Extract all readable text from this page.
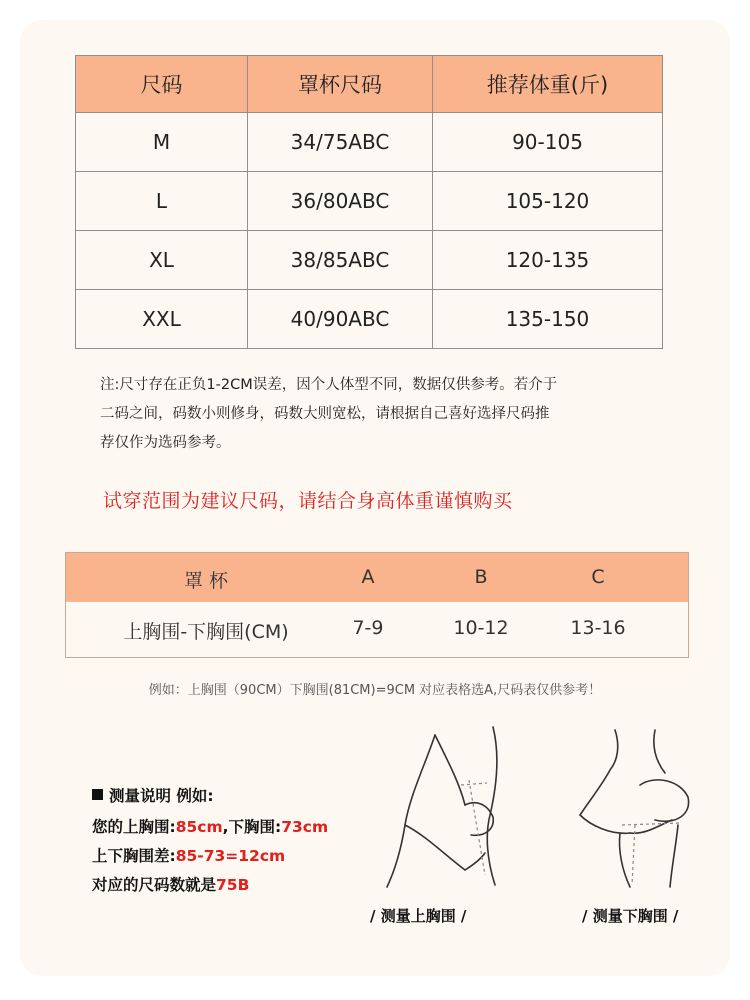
尺码	罩杯尺码	推荐体重(斤)
M	34/75ABC	90-105
L	36/80ABC	105-120
XL	38/85ABC	120-135
XXL	40/90ABC	135-150
注:尺寸存在正负1-2CM误差，因个人体型不同，数据仅供参考。若介于
二码之间，码数小则修身，码数大则宽松，请根据自己喜好选择尺码推
荐仅作为选码参考。
试穿范围为建议尺码，请结合身高体重谨慎购买
罩 杯	A	B	C
上胸围-下胸围(CM)	7-9	10-12	13-16
例如：上胸围（90CM）下胸围(81CM)=9CM 对应表格选A,尺码表仅供参考！
测量说明 例如:
您的上胸围:85cm,下胸围:73cm
上下胸围差:85-73=12cm
对应的尺码数就是75B
/ 测量上胸围 /	/ 测量下胸围 /
